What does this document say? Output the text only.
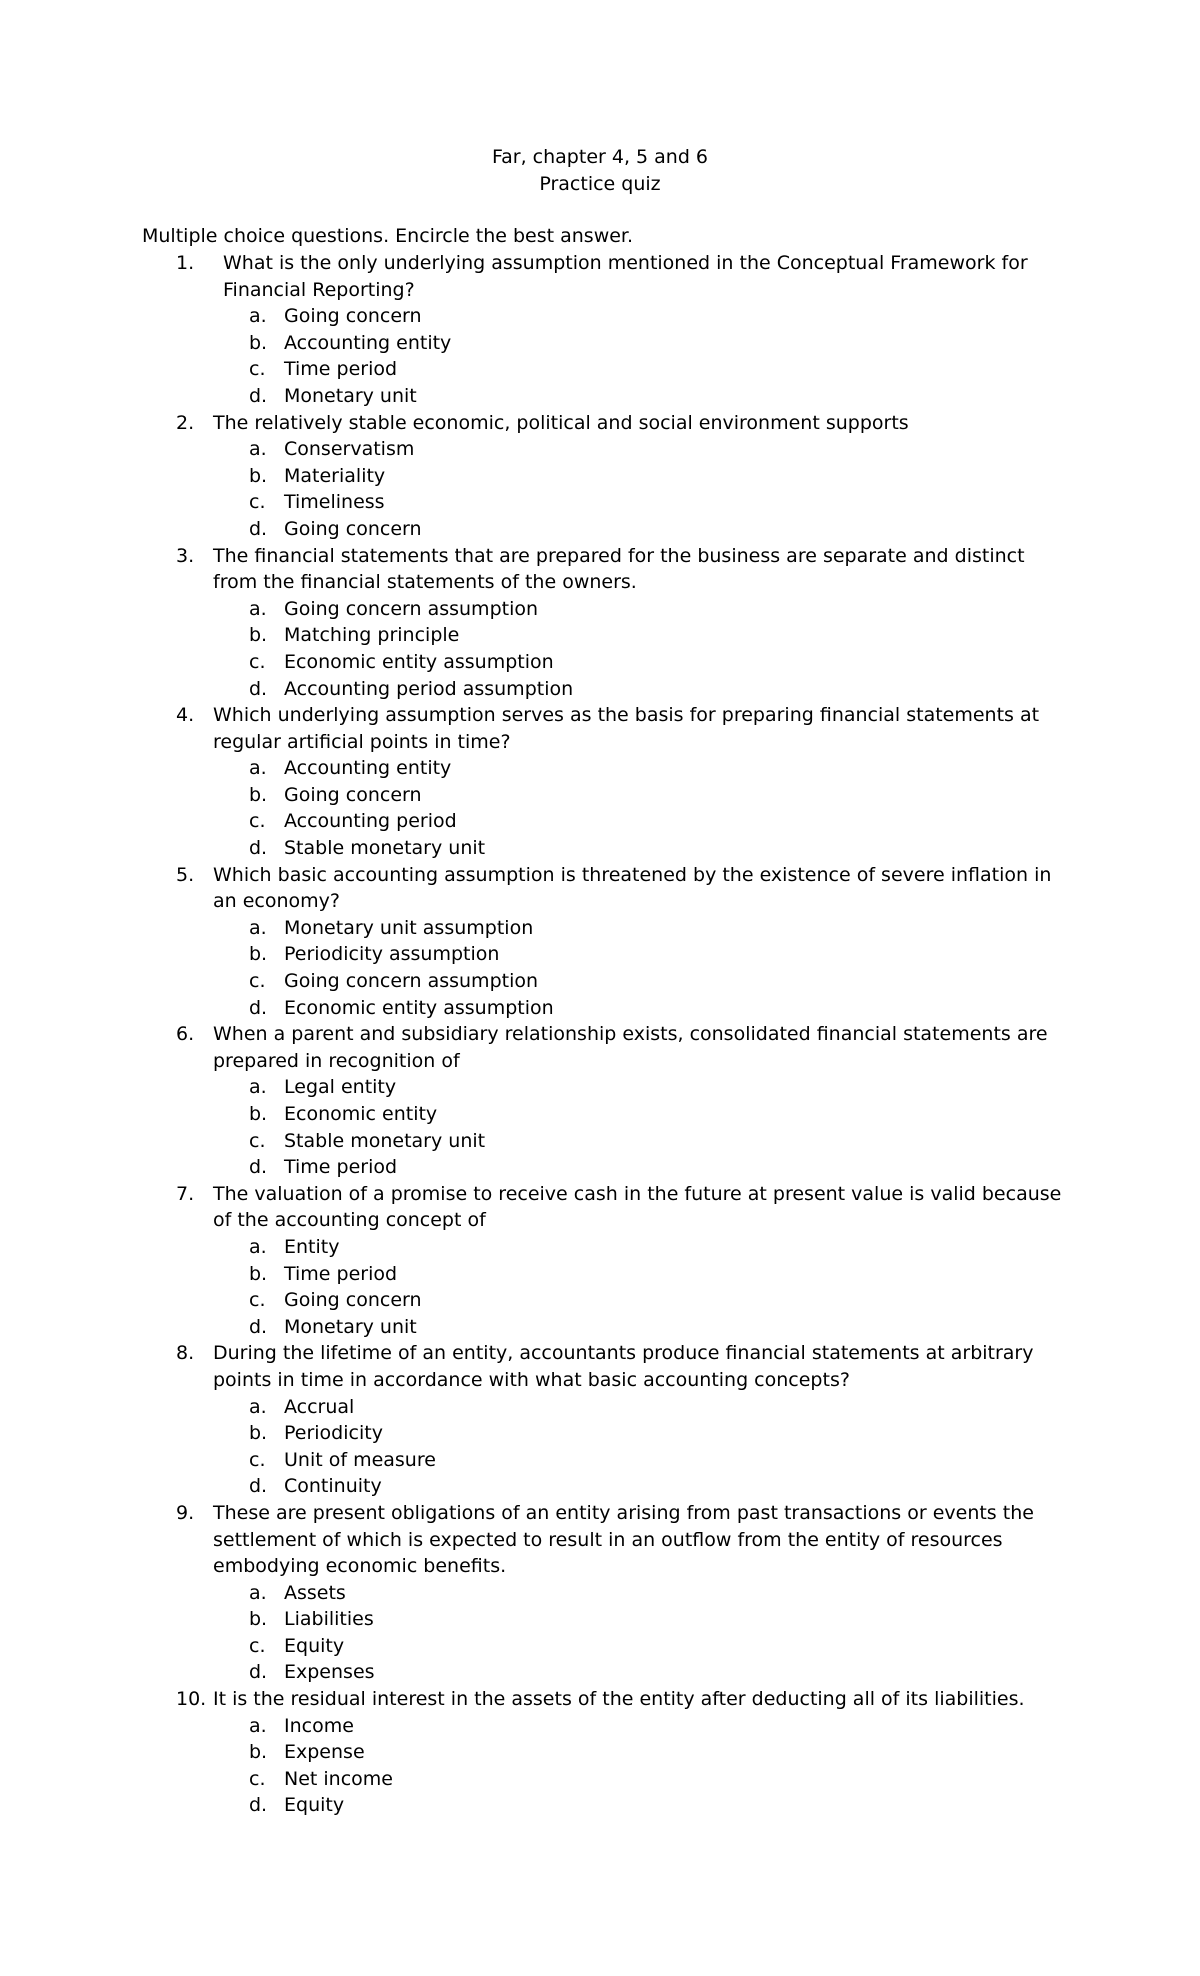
Far, chapter 4, 5 and 6
Practice quiz
Multiple choice questions. Encircle the best answer.
1.	What is the only underlying assumption mentioned in the Conceptual Framework for Financial Reporting?
a. Going concern
b. Accounting entity
c. Time period
d. Monetary unit
2. The relatively stable economic, political and social environment supports
a. Conservatism
b. Materiality
c. Timeliness
d. Going concern
3. The financial statements that are prepared for the business are separate and distinct from the financial statements of the owners.
a. Going concern assumption
b. Matching principle
c. Economic entity assumption
d. Accounting period assumption
4. Which underlying assumption serves as the basis for preparing financial statements at regular artificial points in time?
a. Accounting entity
b. Going concern
c. Accounting period
d. Stable monetary unit
5. Which basic accounting assumption is threatened by the existence of severe inflation in an economy?
a. Monetary unit assumption
b. Periodicity assumption
c. Going concern assumption
d. Economic entity assumption
6. When a parent and subsidiary relationship exists, consolidated financial statements are prepared in recognition of
a. Legal entity
b. Economic entity
c. Stable monetary unit
d. Time period
7. The valuation of a promise to receive cash in the future at present value is valid because of the accounting concept of
a. Entity
b. Time period
c. Going concern
d. Monetary unit
8. During the lifetime of an entity, accountants produce financial statements at arbitrary points in time in accordance with what basic accounting concepts?
a. Accrual
b. Periodicity
c. Unit of measure
d. Continuity
9. These are present obligations of an entity arising from past transactions or events the settlement of which is expected to result in an outflow from the entity of resources embodying economic benefits.
a. Assets
b. Liabilities
c. Equity
d. Expenses
10. It is the residual interest in the assets of the entity after deducting all of its liabilities.
a. Income
b. Expense
c. Net income
d. Equity
